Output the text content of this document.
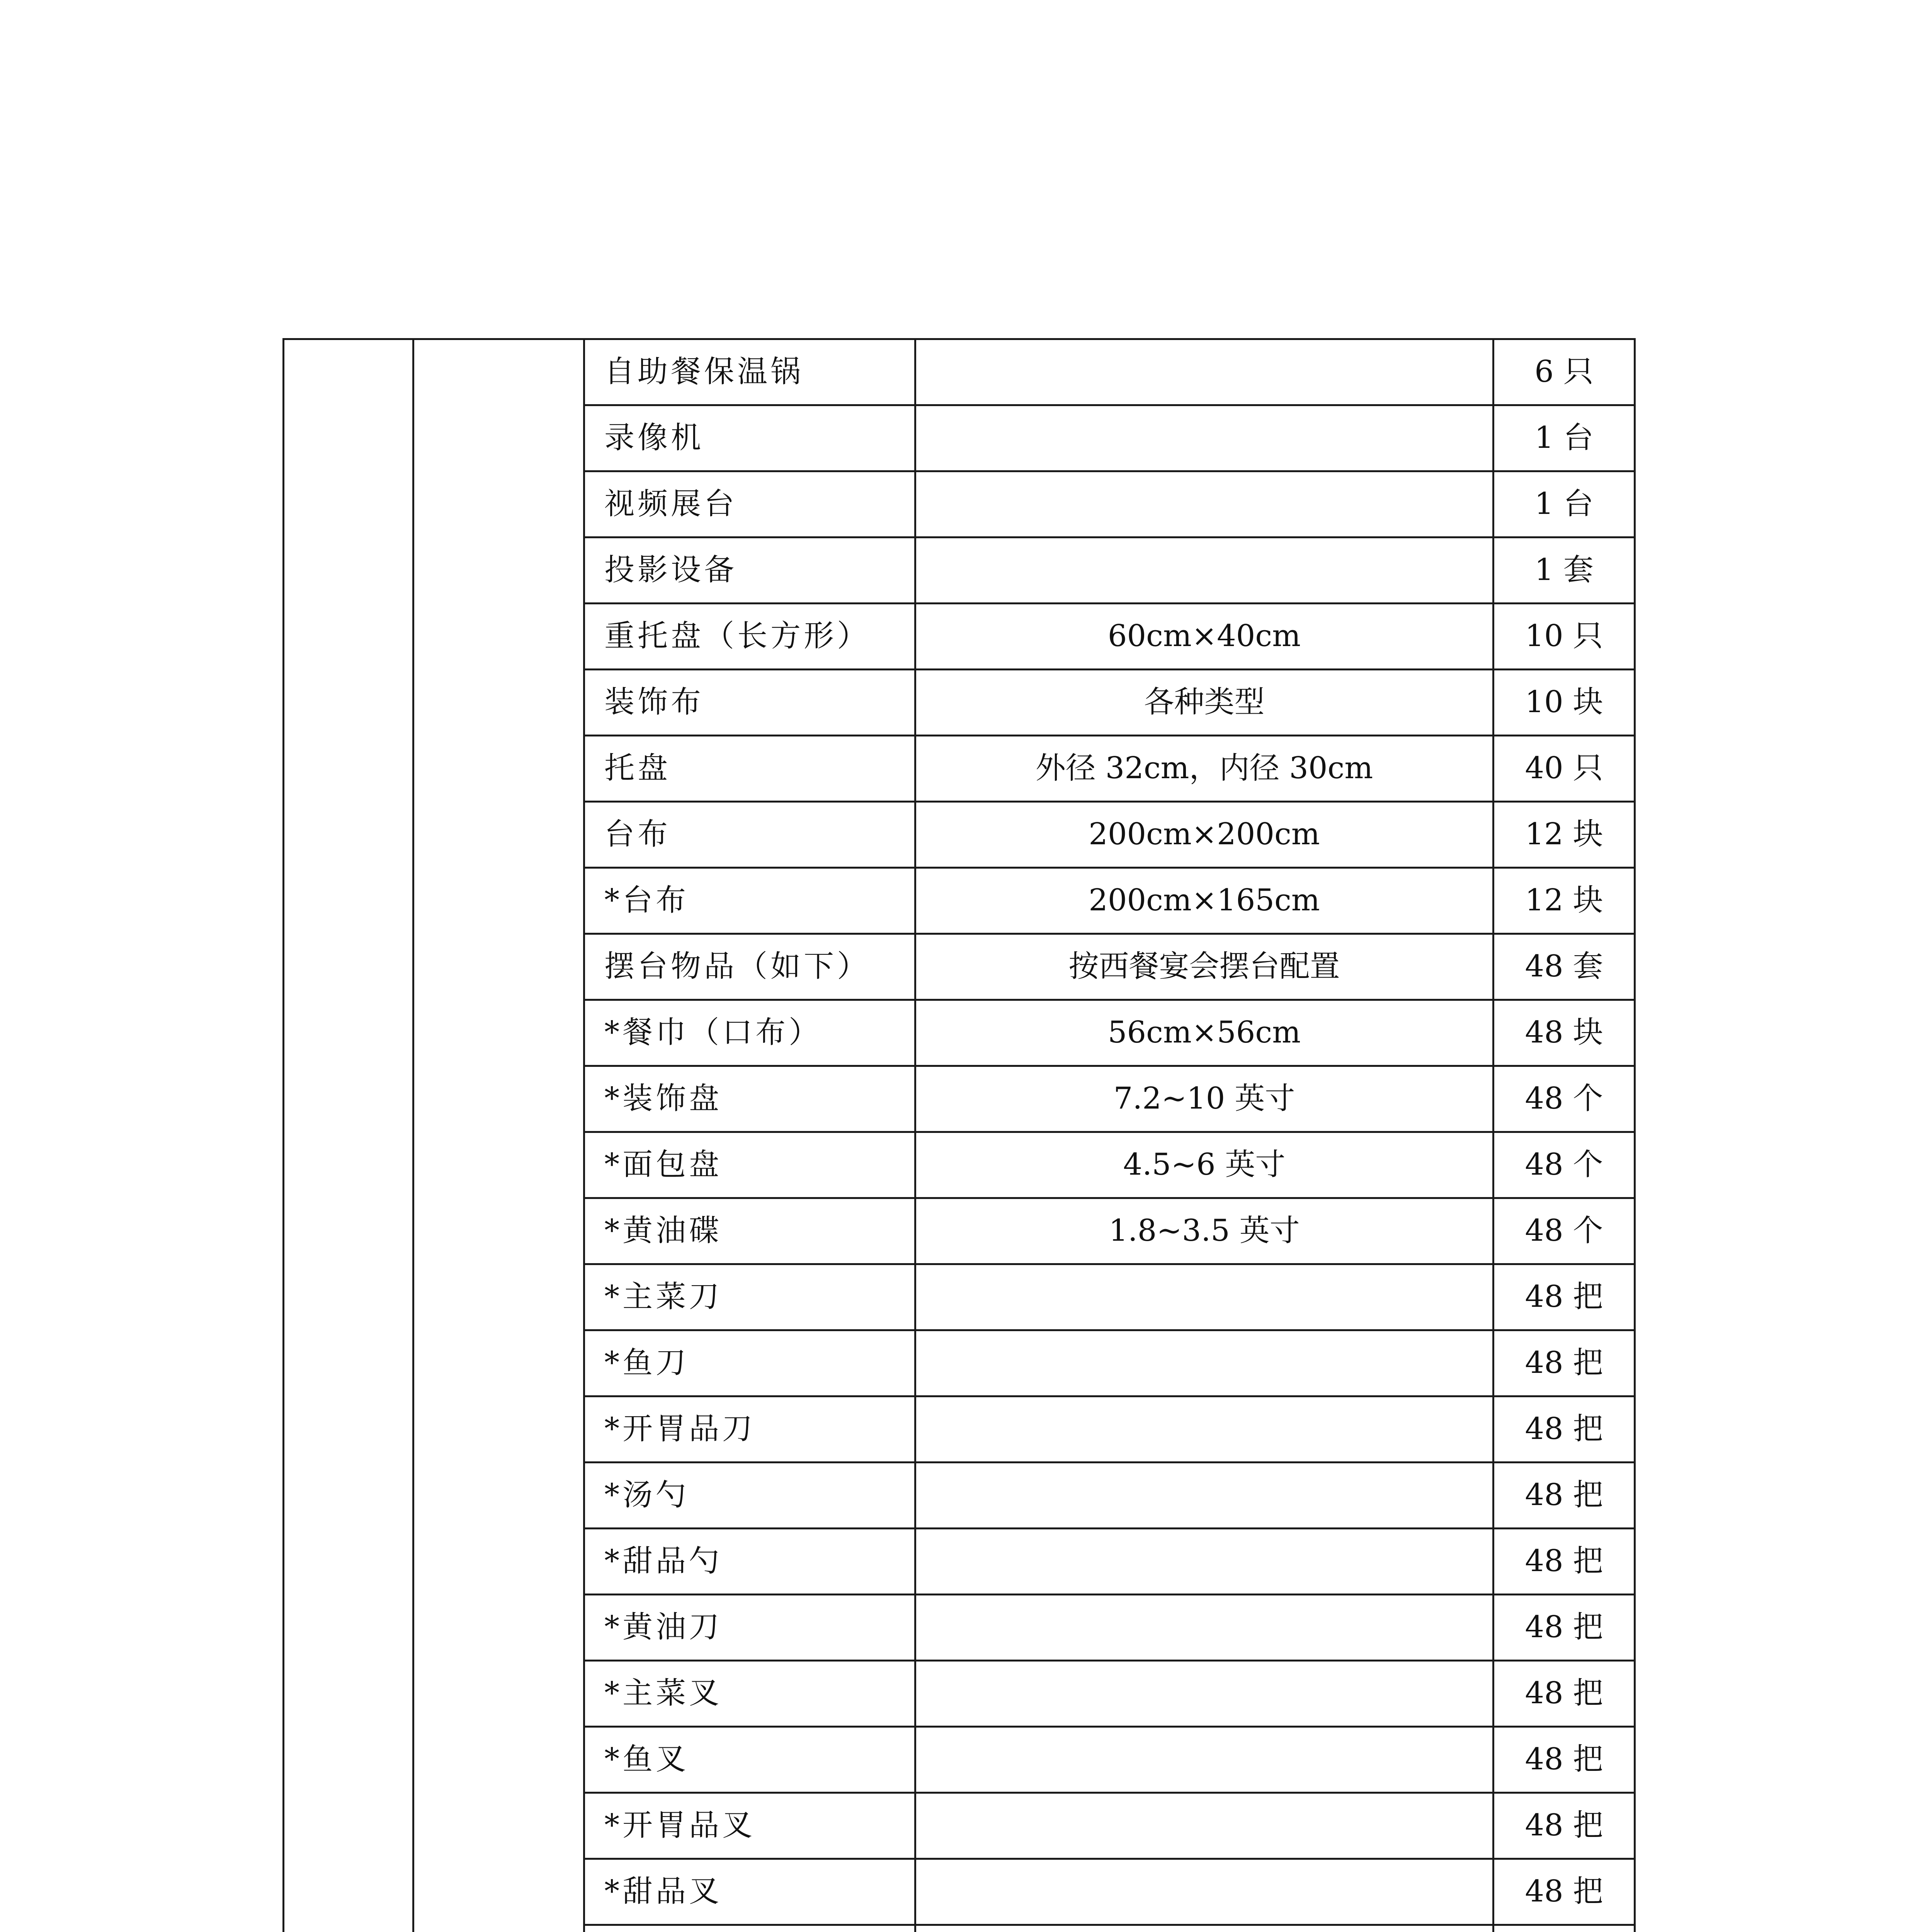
		自助餐保温锅		6 只
		录像机		1 台
		视频展台		1 台
		投影设备		1 套
		重托盘（长方形）	60cm×40cm	10 只
		装饰布	各种类型	10 块
		托盘	外径 32cm，内径 30cm	40 只
		台布	200cm×200cm	12 块
		*台布	200cm×165cm	12 块
		摆台物品（如下）	按西餐宴会摆台配置	48 套
		*餐巾（口布）	56cm×56cm	48 块
		*装饰盘	7.2~10 英寸	48 个
		*面包盘	4.5~6 英寸	48 个
		*黄油碟	1.8~3.5 英寸	48 个
		*主菜刀		48 把
		*鱼刀		48 把
		*开胃品刀		48 把
		*汤勺		48 把
		*甜品勺		48 把
		*黄油刀		48 把
		*主菜叉		48 把
		*鱼叉		48 把
		*开胃品叉		48 把
		*甜品叉		48 把
